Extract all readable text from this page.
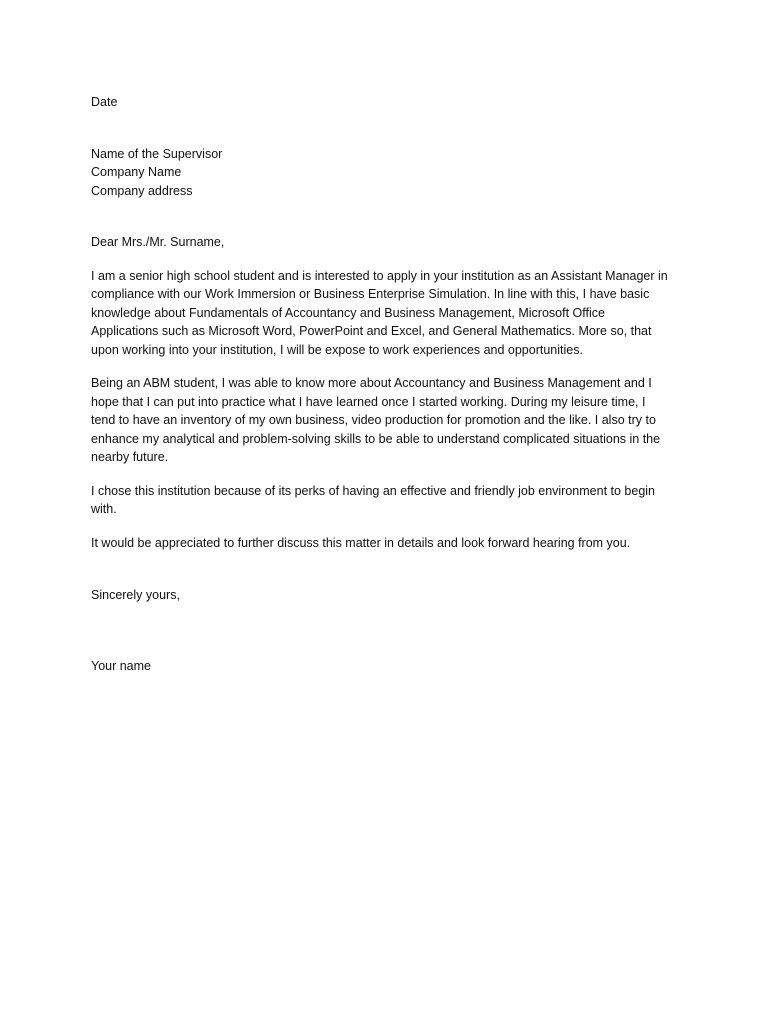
Date

Name of the Supervisor
Company Name
Company address

Dear Mrs./Mr. Surname,

I am a senior high school student and is interested to apply in your institution as an Assistant Manager in
compliance with our Work Immersion or Business Enterprise Simulation. In line with this, I have basic
knowledge about Fundamentals of Accountancy and Business Management, Microsoft Office
Applications such as Microsoft Word, PowerPoint and Excel, and General Mathematics. More so, that
upon working into your institution, I will be expose to work experiences and opportunities.

Being an ABM student, I was able to know more about Accountancy and Business Management and I
hope that I can put into practice what I have learned once I started working. During my leisure time, I
tend to have an inventory of my own business, video production for promotion and the like. I also try to
enhance my analytical and problem-solving skills to be able to understand complicated situations in the
nearby future.

I chose this institution because of its perks of having an effective and friendly job environment to begin
with.

It would be appreciated to further discuss this matter in details and look forward hearing from you.

Sincerely yours,

Your name
